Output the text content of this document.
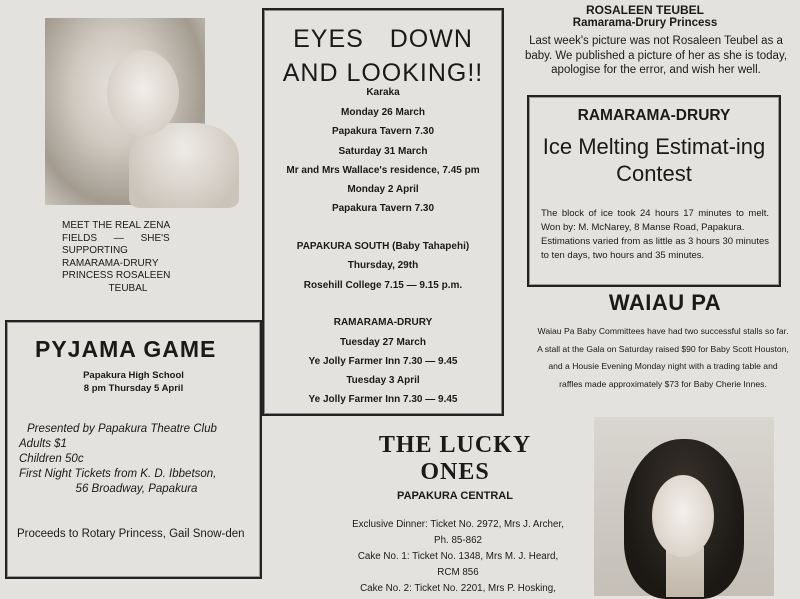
MEET THE REAL ZENA
FIELDS — SHE'S
SUPPORTING
RAMARAMA-DRURY
PRINCESS ROSALEEN
TEUBAL
EYES DOWN
AND LOOKING!!
Karaka
Monday 26 March
Papakura Tavern 7.30
Saturday 31 March
Mr and Mrs Wallace's residence, 7.45 pm
Monday 2 April
Papakura Tavern 7.30
PAPAKURA SOUTH (Baby Tahapehi)
Thursday, 29th
Rosehill College 7.15 — 9.15 p.m.
RAMARAMA-DRURY
Tuesday 27 March
Ye Jolly Farmer Inn 7.30 — 9.45
Tuesday 3 April
Ye Jolly Farmer Inn 7.30 — 9.45
ROSALEEN TEUBEL
Ramarama-Drury Princess
Last week's picture was not Rosaleen Teubel as a baby. We published a picture of her as she is today, apologise for the error, and wish her well.
RAMARAMA-DRURY
Ice Melting Estimat-ing Contest
The block of ice took 24 hours 17 minutes to melt. Won by: M. McNarey, 8 Manse Road, Papakura.
Estimations varied from as little as 3 hours 30 minutes to ten days, two hours and 35 minutes.
WAIAU PA
Waiau Pa Baby Committees have had two successful stalls so far. A stall at the Gala on Saturday raised $90 for Baby Scott Houston, and a Housie Evening Monday night with a trading table and raffles made approximately $73 for Baby Cherie Innes.
PYJAMA GAME
Papakura High School
8 pm Thursday 5 April
Presented by Papakura Theatre Club
Adults $1
Children 50c
First Night Tickets from K. D. Ibbetson,
56 Broadway, Papakura
Proceeds to Rotary Princess, Gail Snow-den
THE LUCKY
ONES
PAPAKURA CENTRAL
Exclusive Dinner: Ticket No. 2972, Mrs J. Archer,
Ph. 85-862
Cake No. 1: Ticket No. 1348, Mrs M. J. Heard,
RCM 856
Cake No. 2: Ticket No. 2201, Mrs P. Hosking,
